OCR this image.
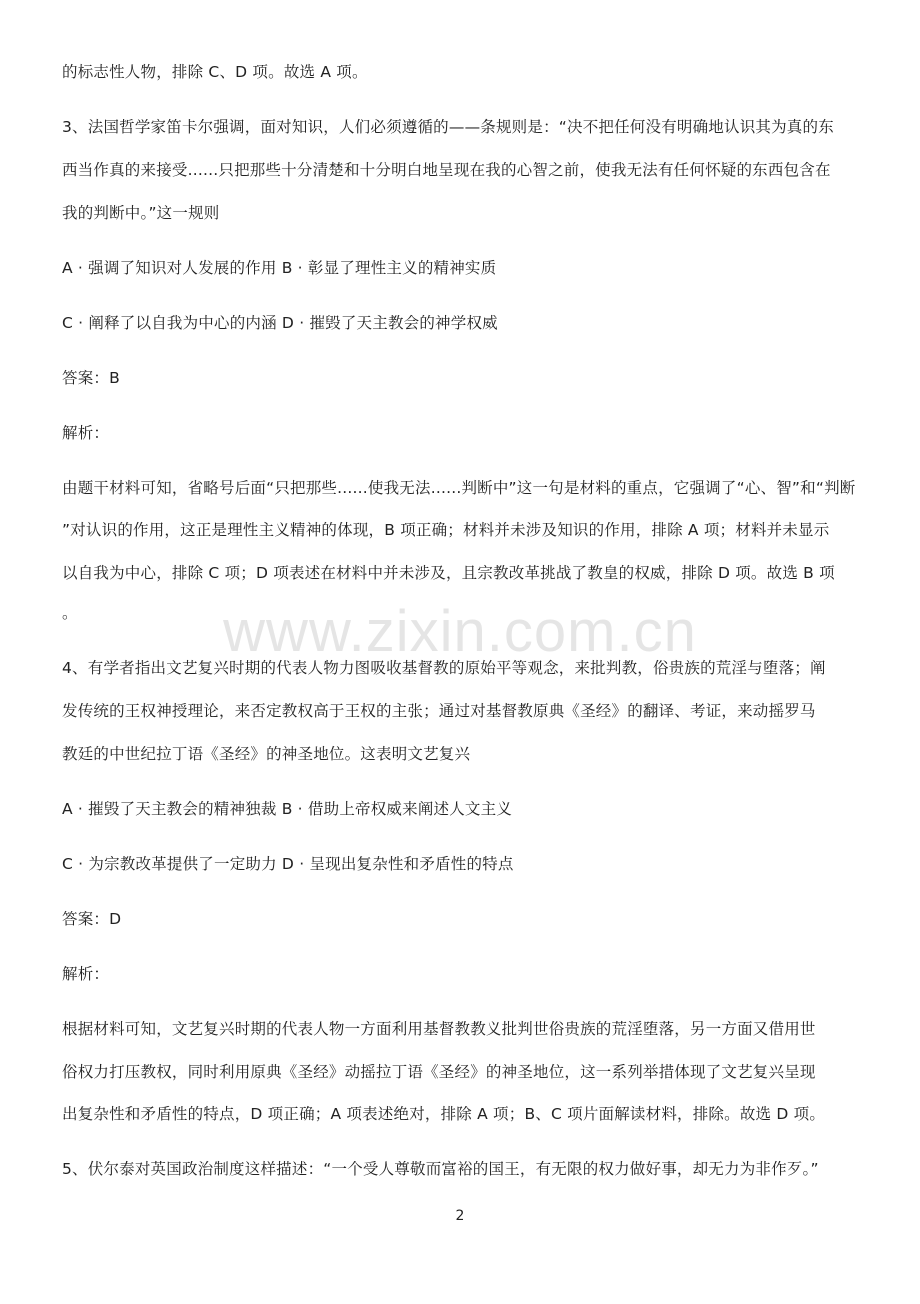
的标志性人物，排除 C、D 项。故选 A 项。
3、法国哲学家笛卡尔强调，面对知识，人们必须遵循的——条规则是：“决不把任何没有明确地认识其为真的东
西当作真的来接受......只把那些十分清楚和十分明白地呈现在我的心智之前，使我无法有任何怀疑的东西包含在
我的判断中。”这一规则
A · 强调了知识对人发展的作用 B · 彰显了理性主义的精神实质
C · 阐释了以自我为中心的内涵 D · 摧毁了天主教会的神学权威
答案：B
解析：
由题干材料可知，省略号后面“只把那些......使我无法......判断中”这一句是材料的重点，它强调了“心、智”和“判断
”对认识的作用，这正是理性主义精神的体现，B 项正确；材料并未涉及知识的作用，排除 A 项；材料并未显示
以自我为中心，排除 C 项；D 项表述在材料中并未涉及，且宗教改革挑战了教皇的权威，排除 D 项。故选 B 项
。
4、有学者指出文艺复兴时期的代表人物力图吸收基督教的原始平等观念，来批判教，俗贵族的荒淫与堕落；阐
发传统的王权神授理论，来否定教权高于王权的主张；通过对基督教原典《圣经》的翻译、考证，来动摇罗马
教廷的中世纪拉丁语《圣经》的神圣地位。这表明文艺复兴
A · 摧毁了天主教会的精神独裁 B · 借助上帝权威来阐述人文主义
C · 为宗教改革提供了一定助力 D · 呈现出复杂性和矛盾性的特点
答案：D
解析：
根据材料可知，文艺复兴时期的代表人物一方面利用基督教教义批判世俗贵族的荒淫堕落，另一方面又借用世
俗权力打压教权，同时利用原典《圣经》动摇拉丁语《圣经》的神圣地位，这一系列举措体现了文艺复兴呈现
出复杂性和矛盾性的特点，D 项正确；A 项表述绝对，排除 A 项；B、C 项片面解读材料，排除。故选 D 项。
5、伏尔泰对英国政治制度这样描述：“一个受人尊敬而富裕的国王，有无限的权力做好事，却无力为非作歹。”
www.zixin.com.cn
2
